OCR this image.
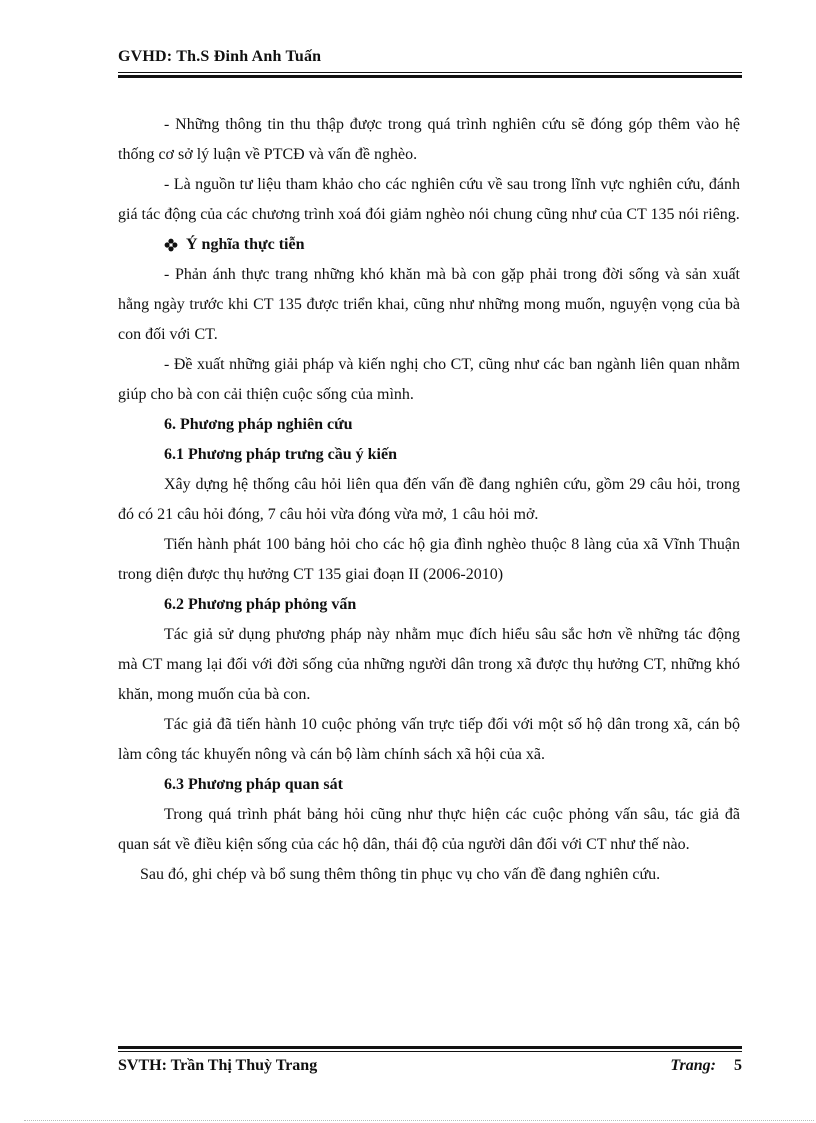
GVHD: Th.S Đinh Anh Tuấn

- Những thông tin thu thập được trong quá trình nghiên cứu sẽ đóng góp thêm vào hệ thống cơ sở lý luận về PTCĐ và vấn đề nghèo.

- Là nguồn tư liệu tham khảo cho các nghiên cứu về sau trong lĩnh vực nghiên cứu, đánh giá tác động của các chương trình xoá đói giảm nghèo nói chung cũng như của CT 135 nói riêng.

Ý nghĩa thực tiễn

- Phản ánh thực trang những khó khăn mà bà con gặp phải trong đời sống và sản xuất hằng ngày trước khi CT 135 được triển khai, cũng như những mong muốn, nguyện vọng của bà con đối với CT.

- Đề xuất những giải pháp và kiến nghị cho CT, cũng như các ban ngành liên quan nhằm giúp cho bà con cải thiện cuộc sống của mình.

6. Phương pháp nghiên cứu

6.1 Phương pháp trưng cầu ý kiến

Xây dựng hệ thống câu hỏi liên qua đến vấn đề đang nghiên cứu, gồm 29 câu hỏi, trong đó có 21 câu hỏi đóng, 7 câu hỏi vừa đóng vừa mở, 1 câu hỏi mở.

Tiến hành phát 100 bảng hỏi cho các hộ gia đình nghèo thuộc 8 làng của xã Vĩnh Thuận trong diện được thụ hưởng CT 135 giai đoạn II (2006-2010)

6.2 Phương pháp phỏng vấn

Tác giả sử dụng phương pháp này nhằm mục đích hiểu sâu sắc hơn về những tác động mà CT mang lại đối với đời sống của những người dân trong xã được thụ hưởng CT, những khó khăn, mong muốn của bà con.

Tác giả đã tiến hành 10 cuộc phỏng vấn trực tiếp đối với một số hộ dân trong xã, cán bộ làm công tác khuyến nông và cán bộ làm chính sách xã hội của xã.

6.3 Phương pháp quan sát

Trong quá trình phát bảng hỏi cũng như thực hiện các cuộc phỏng vấn sâu, tác giả đã quan sát về điều kiện sống của các hộ dân, thái độ của người dân đối với CT như thế nào.

Sau đó, ghi chép và bổ sung thêm thông tin phục vụ cho vấn đề đang nghiên cứu.

SVTH: Trần Thị Thuỳ Trang	Trang: 5
